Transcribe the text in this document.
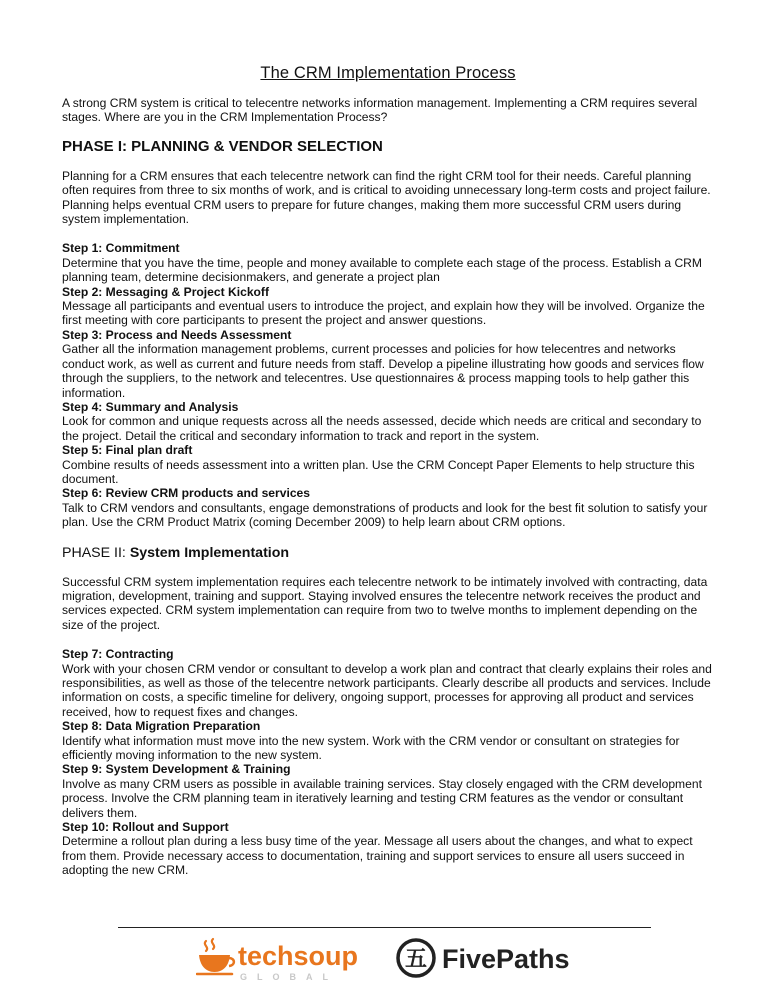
The CRM Implementation Process

A strong CRM system is critical to telecentre networks information management. Implementing a CRM requires several stages. Where are you in the CRM Implementation Process?

PHASE I: PLANNING & VENDOR SELECTION

Planning for a CRM ensures that each telecentre network can find the right CRM tool for their needs. Careful planning often requires from three to six months of work, and is critical to avoiding unnecessary long-term costs and project failure. Planning helps eventual CRM users to prepare for future changes, making them more successful CRM users during system implementation.

Step 1: Commitment

Determine that you have the time, people and money available to complete each stage of the process. Establish a CRM planning team, determine decisionmakers, and generate a project plan

Step 2: Messaging & Project Kickoff

Message all participants and eventual users to introduce the project, and explain how they will be involved. Organize the first meeting with core participants to present the project and answer questions.

Step 3: Process and Needs Assessment

Gather all the information management problems, current processes and policies for how telecentres and networks conduct work, as well as current and future needs from staff. Develop a pipeline illustrating how goods and services flow through the suppliers, to the network and telecentres. Use questionnaires & process mapping tools to help gather this information.

Step 4: Summary and Analysis

Look for common and unique requests across all the needs assessed, decide which needs are critical and secondary to the project. Detail the critical and secondary information to track and report in the system.

Step 5: Final plan draft

Combine results of needs assessment into a written plan. Use the CRM Concept Paper Elements to help structure this document.

Step 6: Review CRM products and services

Talk to CRM vendors and consultants, engage demonstrations of products and look for the best fit solution to satisfy your plan. Use the CRM Product Matrix (coming December 2009) to help learn about CRM options.

PHASE II: System Implementation

Successful CRM system implementation requires each telecentre network to be intimately involved with contracting, data migration, development, training and support. Staying involved ensures the telecentre network receives the product and services expected. CRM system implementation can require from two to twelve months to implement depending on the size of the project.

Step 7: Contracting

Work with your chosen CRM vendor or consultant to develop a work plan and contract that clearly explains their roles and responsibilities, as well as those of the telecentre network participants. Clearly describe all products and services. Include information on costs, a specific timeline for delivery, ongoing support, processes for approving all product and services received, how to request fixes and changes.

Step 8: Data Migration Preparation

Identify what information must move into the new system. Work with the CRM vendor or consultant on strategies for efficiently moving information to the new system.

Step 9: System Development & Training

Involve as many CRM users as possible in available training services. Stay closely engaged with the CRM development process. Involve the CRM planning team in iteratively learning and testing CRM features as the vendor or consultant delivers them.

Step 10: Rollout and Support

Determine a rollout plan during a less busy time of the year. Message all users about the changes, and what to expect from them. Provide necessary access to documentation, training and support services to ensure all users succeed in adopting the new CRM.

techsoup
GLOBAL
五 FivePaths
